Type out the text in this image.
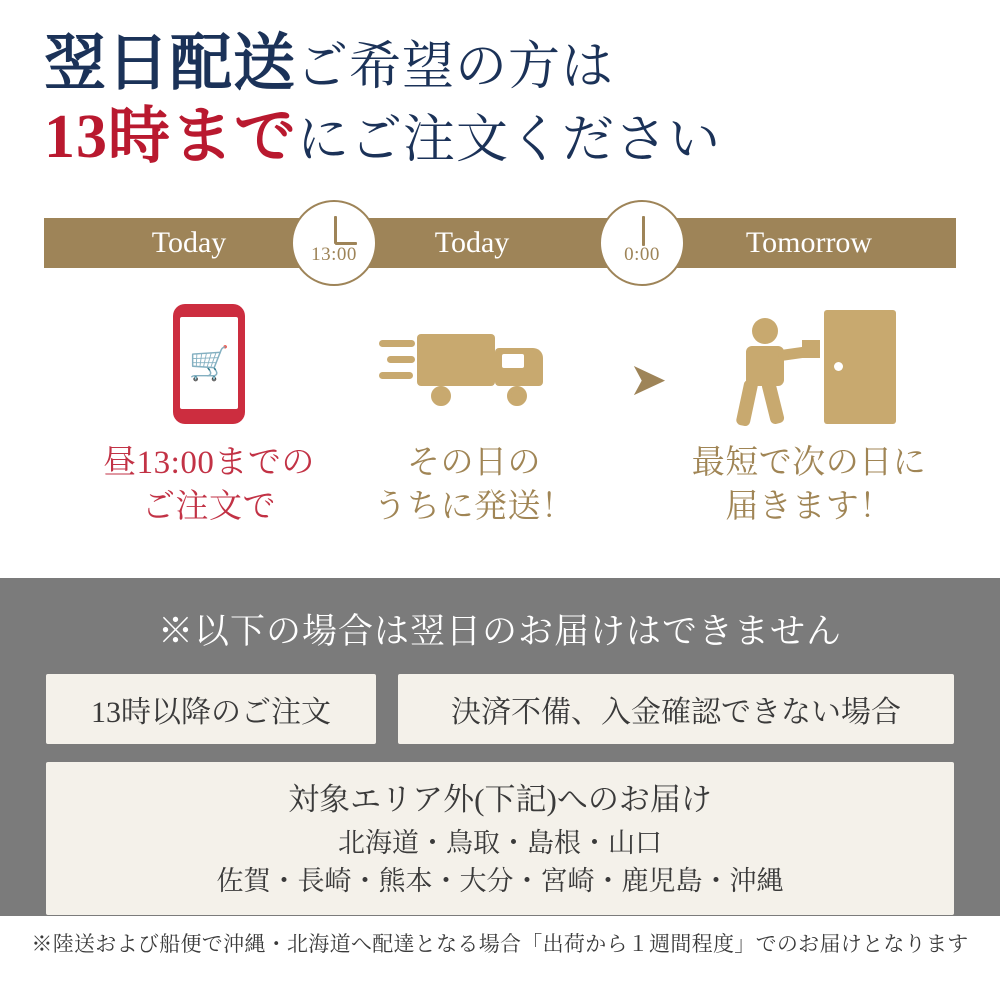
翌日配送ご希望の方は
13時までにご注文ください
Today	Today	Tomorrow
13:00	0:00
🛒
昼13:00までの
ご注文で
その日の
うちに発送！
➤
最短で次の日に
届きます！
※以下の場合は翌日のお届けはできません
13時以降のご注文	決済不備、入金確認できない場合
対象エリア外(下記)へのお届け
北海道・鳥取・島根・山口
佐賀・長崎・熊本・大分・宮崎・鹿児島・沖縄
※陸送および船便で沖縄・北海道へ配達となる場合「出荷から１週間程度」でのお届けとなります
